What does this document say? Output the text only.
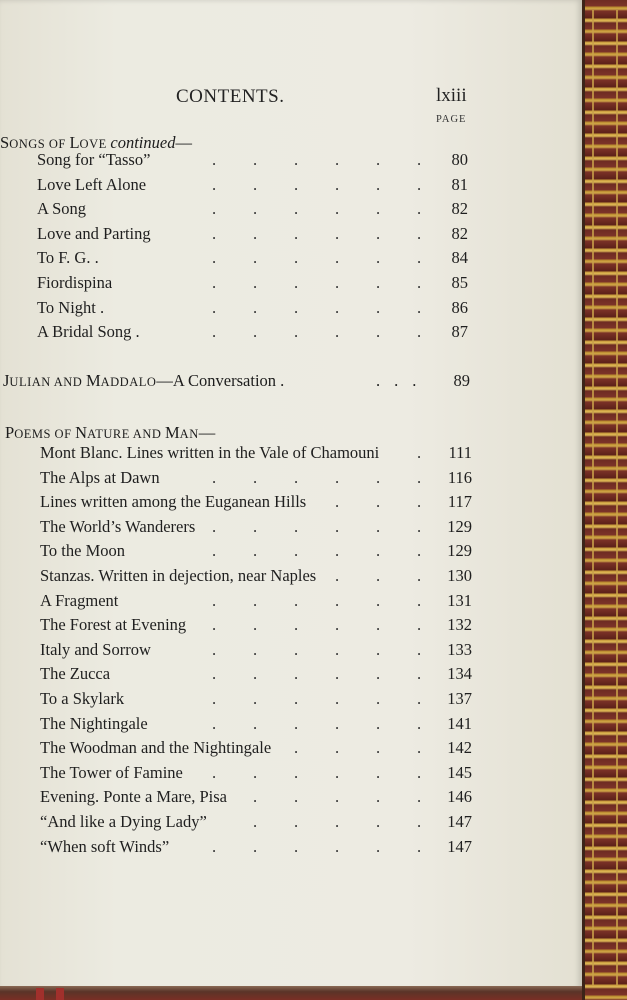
CONTENTS.	lxiii
PAGE
SONGS OF LOVE continued—
Song for “Tasso”	. . . . . .	80
Love Left Alone	. . . . . .	81
A Song	. . . . . .	82
Love and Parting	. . . . . .	82
To F. G. .	. . . . . .	84
Fiordispina	. . . . . .	85
To Night .	. . . . . .	86
A Bridal Song .	. . . . . .	87
JULIAN AND MADDALO—A Conversation .	...	89
POEMS OF NATURE AND MAN—
Mont Blanc. Lines written in the Vale of Chamouni .	111
The Alps at Dawn	. . . . . .	116
Lines written among the Euganean Hills . . .	117
The World’s Wanderers . . . . . .	129
To the Moon	. . . . . .	129
Stanzas. Written in dejection, near Naples . . .	130
A Fragment	. . . . . .	131
The Forest at Evening . . . . . .	132
Italy and Sorrow	. . . . . .	133
The Zucca	. . . . . .	134
To a Skylark	. . . . . .	137
The Nightingale	. . . . . .	141
The Woodman and the Nightingale . . . .	142
The Tower of Famine . . . . . .	145
Evening. Ponte a Mare, Pisa . . . . .	146
“And like a Dying Lady”	. . . . .	147
“When soft Winds”	. . . . . .	147
